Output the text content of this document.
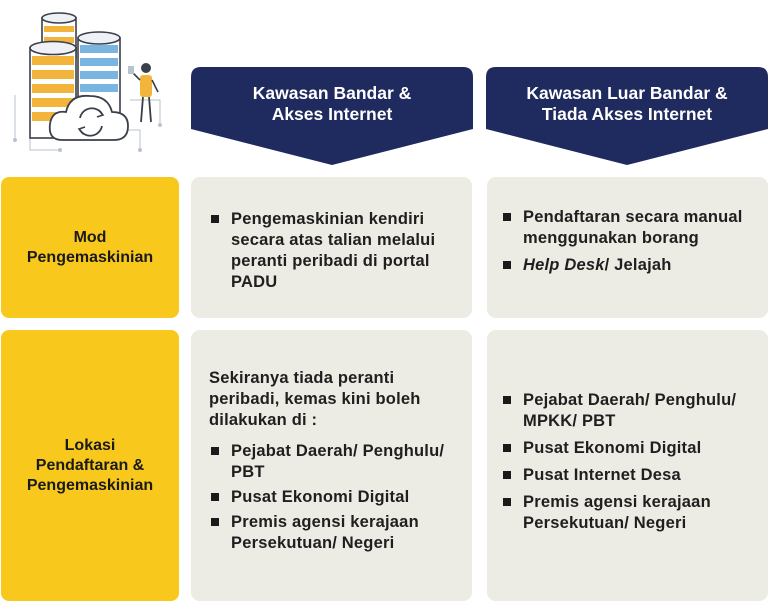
Kawasan Bandar &
Akses Internet
Kawasan Luar Bandar &
Tiada Akses Internet
Mod
Pengemaskinian
Lokasi
Pendaftaran &
Pengemaskinian
Pengemaskinian kendiri secara atas talian melalui peranti peribadi di portal PADU
Pendaftaran secara manual menggunakan borang
Help Desk/ Jelajah
Sekiranya tiada peranti peribadi, kemas kini boleh dilakukan di :
Pejabat Daerah/ Penghulu/ PBT
Pusat Ekonomi Digital
Premis agensi kerajaan Persekutuan/ Negeri
Pejabat Daerah/ Penghulu/ MPKK/ PBT
Pusat Ekonomi Digital
Pusat Internet Desa
Premis agensi kerajaan Persekutuan/ Negeri
